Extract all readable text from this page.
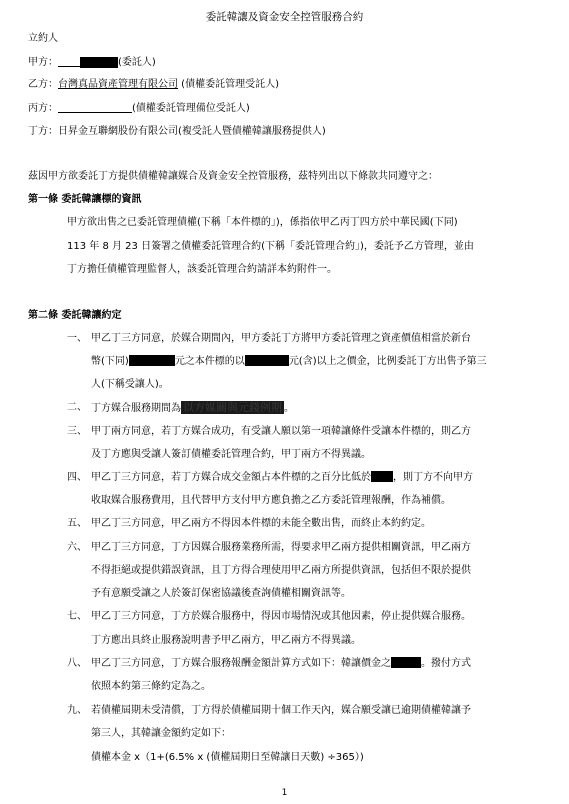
委託韓讓及資金安全控管服務合約
立約人
甲方：	(委託人)
乙方：台灣真品資產管理有限公司 (債權委託管理受託人)
丙方：	(債權委託管理備位受託人)
丁方：日昇金互聯網股份有限公司(複受託人暨債權韓讓服務提供人)
茲因甲方欲委託丁方提供債權韓讓媒合及資金安全控管服務，茲特列出以下條款共同遵守之：
第一條 委託韓讓標的資訊
甲方欲出售之已委託管理債權(下稱「本件標的」)，係指依甲乙丙丁四方於中華民國(下同)
113 年 8 月 23 日簽署之債權委託管理合約(下稱「委託管理合約」)，委託予乙方管理，並由
丁方擔任債權管理監督人，該委託管理合約請詳本約附件一。
第二條 委託韓讓約定
一、 甲乙丁三方同意，於媒合期間內，甲方委託丁方將甲方委託管理之資產價值相當於新台
幣(下同)	元之本件標的以	元(含)以上之價金，比例委託丁方出售予第三
人(下稱受讓人)。
二、 丁方媒合服務期間為 以方媒關與元錢例期 。
三、 甲丁兩方同意，若丁方媒合成功，有受讓人願以第一項韓讓條件受讓本件標的，則乙方
及丁方應與受讓人簽訂債權委託管理合約，甲丁兩方不得異議。
四、 甲乙丁三方同意，若丁方媒合成交金額占本件標的之百分比低於 ，則丁方不向甲方
收取媒合服務費用，且代替甲方支付甲方應負擔之乙方委託管理報酬，作為補償。
五、 甲乙丁三方同意，甲乙兩方不得因本件標的未能全數出售，而終止本約約定。
六、 甲乙丁三方同意，丁方因媒合服務業務所需，得要求甲乙兩方提供相關資訊，甲乙兩方
不得拒絕或提供錯誤資訊，且丁方得合理使用甲乙兩方所提供資訊，包括但不限於提供
予有意願受讓之人於簽訂保密協議後查詢債權相關資訊等。
七、 甲乙丁三方同意，丁方於媒合服務中，得因市場情況或其他因素，停止提供媒合服務。
丁方應出具終止服務說明書予甲乙兩方，甲乙兩方不得異議。
八、 甲乙丁三方同意，丁方媒合服務報酬金額計算方式如下：韓讓價金之	。撥付方式
依照本約第三條約定為之。
九、 若債權屆期未受清償，丁方得於債權屆期十個工作天內，媒合願受讓已逾期債權韓讓予
第三人，其韓讓金額約定如下：
債權本金 x（1+(6.5% x (債權屆期日至韓讓日天數) ÷365）)
1
